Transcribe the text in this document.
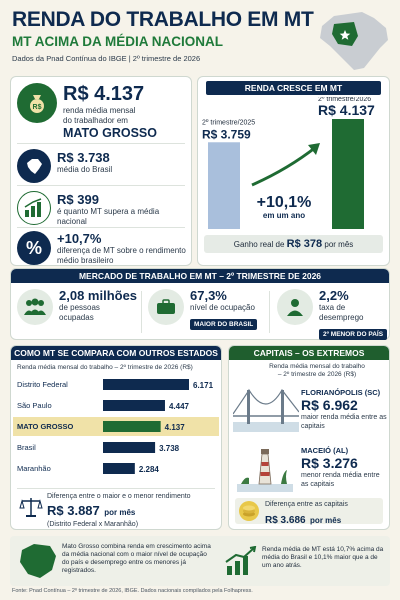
RENDA DO TRABALHO EM MT
MT ACIMA DA MÉDIA NACIONAL
Dados da Pnad Contínua do IBGE | 2º trimestre de 2026
R$
R$ 4.137
renda média mensal
do trabalhador em
MATO GROSSO
R$ 3.738
média do Brasil
R$ 399
é quanto MT supera a média nacional
%	+10,7%
diferença de MT sobre o rendimento médio brasileiro
RENDA CRESCE EM MT
2º trimestre/2025
R$ 3.759
2º trimestre/2026
R$ 4.137
+10,1%
em um ano
Ganho real de R$ 378 por mês
MERCADO DE TRABALHO EM MT – 2º TRIMESTRE DE 2026
2,08 milhões
de pessoas ocupadas
67,3%
nível de ocupação
MAIOR DO BRASIL
2,2%
taxa de desemprego
2º MENOR DO PAÍS
COMO MT SE COMPARA COM OUTROS ESTADOS
Renda média mensal do trabalho – 2º trimestre de 2026 (R$)
Distrito Federal	6.171
São Paulo	4.447
MATO GROSSO	4.137
Brasil	3.738
Maranhão	2.284
Diferença entre o maior e o menor rendimento
R$ 3.887 por mês
(Distrito Federal x Maranhão)
CAPITAIS – OS EXTREMOS
Renda média mensal do trabalho – 2º trimestre de 2026 (R$)
FLORIANÓPOLIS (SC)
R$ 6.962
maior renda média entre as capitais
MACEIÓ (AL)
R$ 3.276
menor renda média entre as capitais
Diferença entre as capitais
R$ 3.686 por mês
Mato Grosso combina renda em crescimento acima da média nacional com o maior nível de ocupação do país e desemprego entre os menores já registrados.
Renda média de MT está 10,7% acima da média do Brasil e 10,1% maior que a de um ano atrás.
Fonte: Pnad Contínua – 2º trimestre de 2026, IBGE. Dados nacionais compilados pela Folhapress.
